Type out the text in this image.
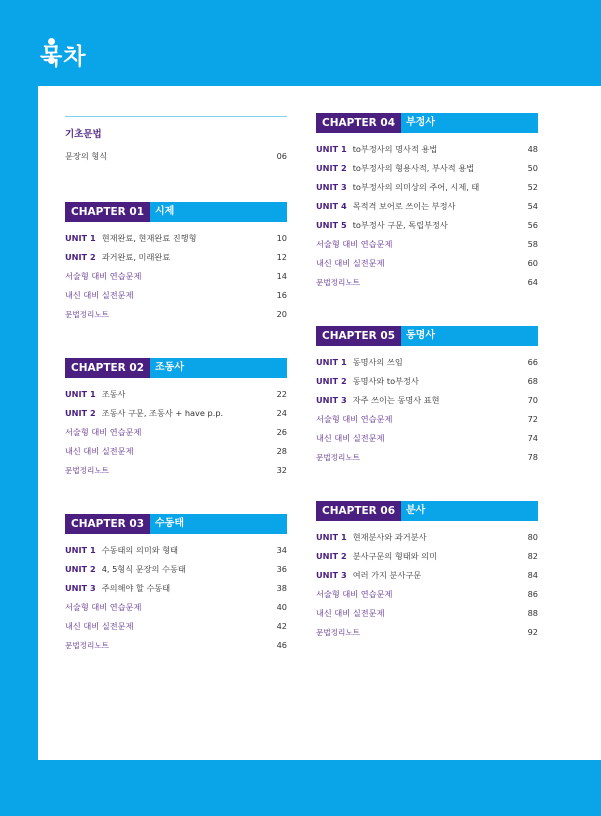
목차
기초문법
문장의 형식	06
CHAPTER 01	시제
UNIT 1 현재완료, 현재완료 진행형	10
UNIT 2 과거완료, 미래완료	12
서술형 대비 연습문제	14
내신 대비 실전문제	16
문법정리노트	20
CHAPTER 02	조동사
UNIT 1 조동사	22
UNIT 2 조동사 구문, 조동사 + have p.p.	24
서술형 대비 연습문제	26
내신 대비 실전문제	28
문법정리노트	32
CHAPTER 03	수동태
UNIT 1 수동태의 의미와 형태	34
UNIT 2 4, 5형식 문장의 수동태	36
UNIT 3 주의해야 할 수동태	38
서술형 대비 연습문제	40
내신 대비 실전문제	42
문법정리노트	46
CHAPTER 04	부정사
UNIT 1 to부정사의 명사적 용법	48
UNIT 2 to부정사의 형용사적, 부사적 용법	50
UNIT 3 to부정사의 의미상의 주어, 시제, 태	52
UNIT 4 목적격 보어로 쓰이는 부정사	54
UNIT 5 to부정사 구문, 독립부정사	56
서술형 대비 연습문제	58
내신 대비 실전문제	60
문법정리노트	64
CHAPTER 05	동명사
UNIT 1 동명사의 쓰임	66
UNIT 2 동명사와 to부정사	68
UNIT 3 자주 쓰이는 동명사 표현	70
서술형 대비 연습문제	72
내신 대비 실전문제	74
문법정리노트	78
CHAPTER 06	분사
UNIT 1 현재분사와 과거분사	80
UNIT 2 분사구문의 형태와 의미	82
UNIT 3 여러 가지 분사구문	84
서술형 대비 연습문제	86
내신 대비 실전문제	88
문법정리노트	92
